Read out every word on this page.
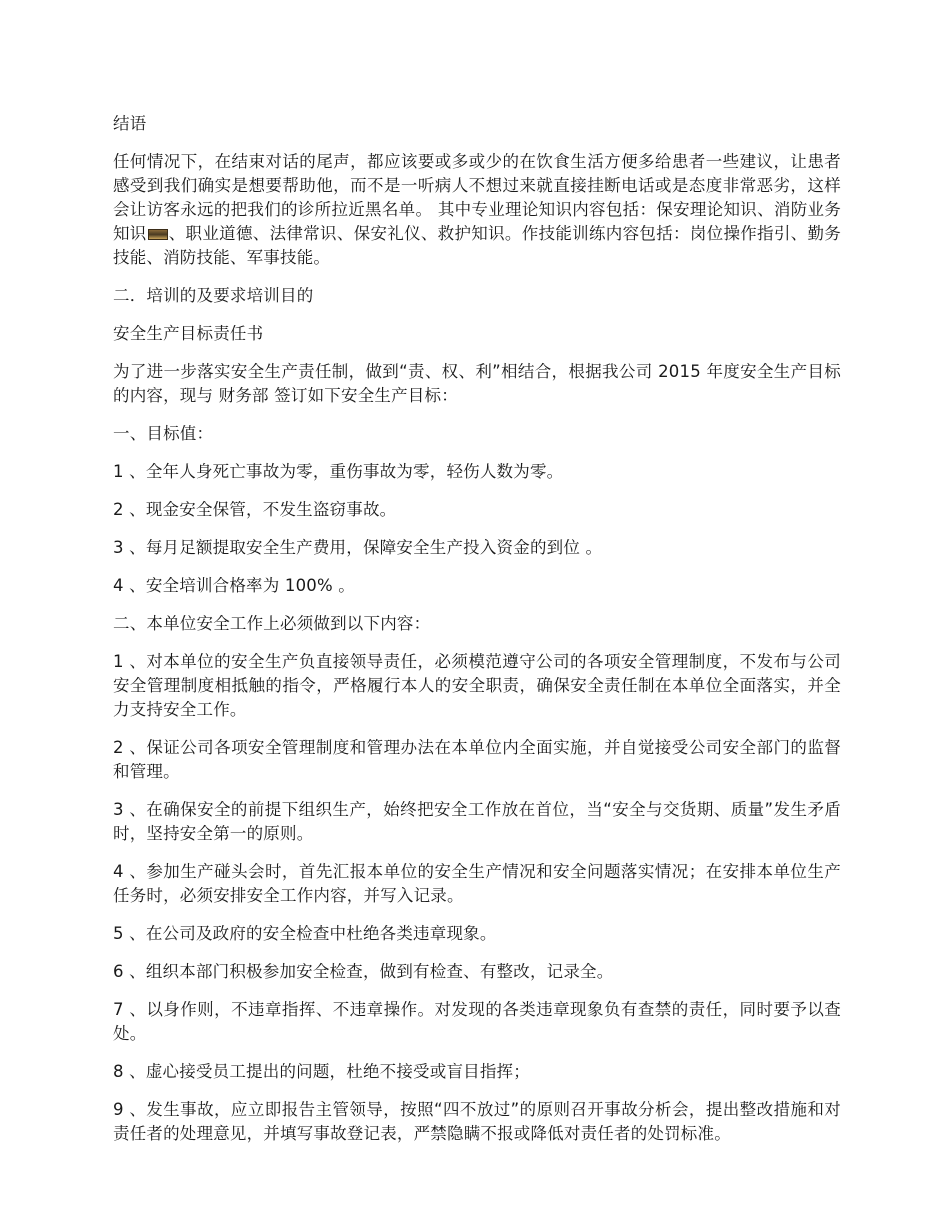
结语

任何情况下，在结束对话的尾声，都应该要或多或少的在饮食生活方便多给患者一些建议，让患者感受到我们确实是想要帮助他，而不是一听病人不想过来就直接挂断电话或是态度非常恶劣，这样会让访客永远的把我们的诊所拉近黑名单。 其中专业理论知识内容包括：保安理论知识、消防业务知识 、职业道德、法律常识、保安礼仪、救护知识。作技能训练内容包括：岗位操作指引、勤务技能、消防技能、军事技能。

二．培训的及要求培训目的

安全生产目标责任书

为了进一步落实安全生产责任制，做到“责、权、利”相结合，根据我公司 2015 年度安全生产目标的内容，现与 财务部 签订如下安全生产目标：

一、目标值：

1 、全年人身死亡事故为零，重伤事故为零，轻伤人数为零。

2 、现金安全保管，不发生盗窃事故。

3 、每月足额提取安全生产费用，保障安全生产投入资金的到位 。

4 、安全培训合格率为 100% 。

二、本单位安全工作上必须做到以下内容：

1 、对本单位的安全生产负直接领导责任，必须模范遵守公司的各项安全管理制度，不发布与公司安全管理制度相抵触的指令，严格履行本人的安全职责，确保安全责任制在本单位全面落实，并全力支持安全工作。

2 、保证公司各项安全管理制度和管理办法在本单位内全面实施，并自觉接受公司安全部门的监督和管理。

3 、在确保安全的前提下组织生产，始终把安全工作放在首位，当“安全与交货期、质量”发生矛盾时，坚持安全第一的原则。

4 、参加生产碰头会时，首先汇报本单位的安全生产情况和安全问题落实情况；在安排本单位生产任务时，必须安排安全工作内容，并写入记录。

5 、在公司及政府的安全检查中杜绝各类违章现象。

6 、组织本部门积极参加安全检查，做到有检查、有整改，记录全。

7 、以身作则，不违章指挥、不违章操作。对发现的各类违章现象负有查禁的责任，同时要予以查处。

8 、虚心接受员工提出的问题，杜绝不接受或盲目指挥；

9 、发生事故，应立即报告主管领导，按照“四不放过”的原则召开事故分析会，提出整改措施和对责任者的处理意见，并填写事故登记表，严禁隐瞒不报或降低对责任者的处罚标准。
